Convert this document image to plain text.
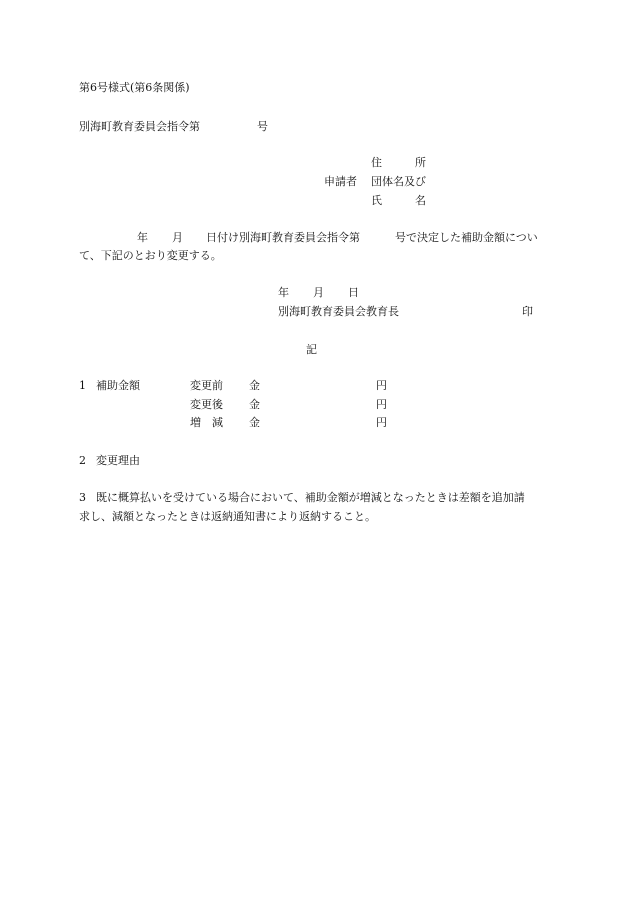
第6号様式(第6条関係)
別海町教育委員会指令第	号
住　　　所
申請者 団体名及び
氏　　　名
年 月 日付け別海町教育委員会指令第	号で決定した補助金額につい
て、下記のとおり変更する。
年 月 日
別海町教育委員会教育長	印
記
1 補助金額	変更前 金	円
変更後 金	円
増　減 金	円
2 変更理由
3 既に概算払いを受けている場合において、補助金額が増減となったときは差額を追加請
求し、減額となったときは返納通知書により返納すること。
